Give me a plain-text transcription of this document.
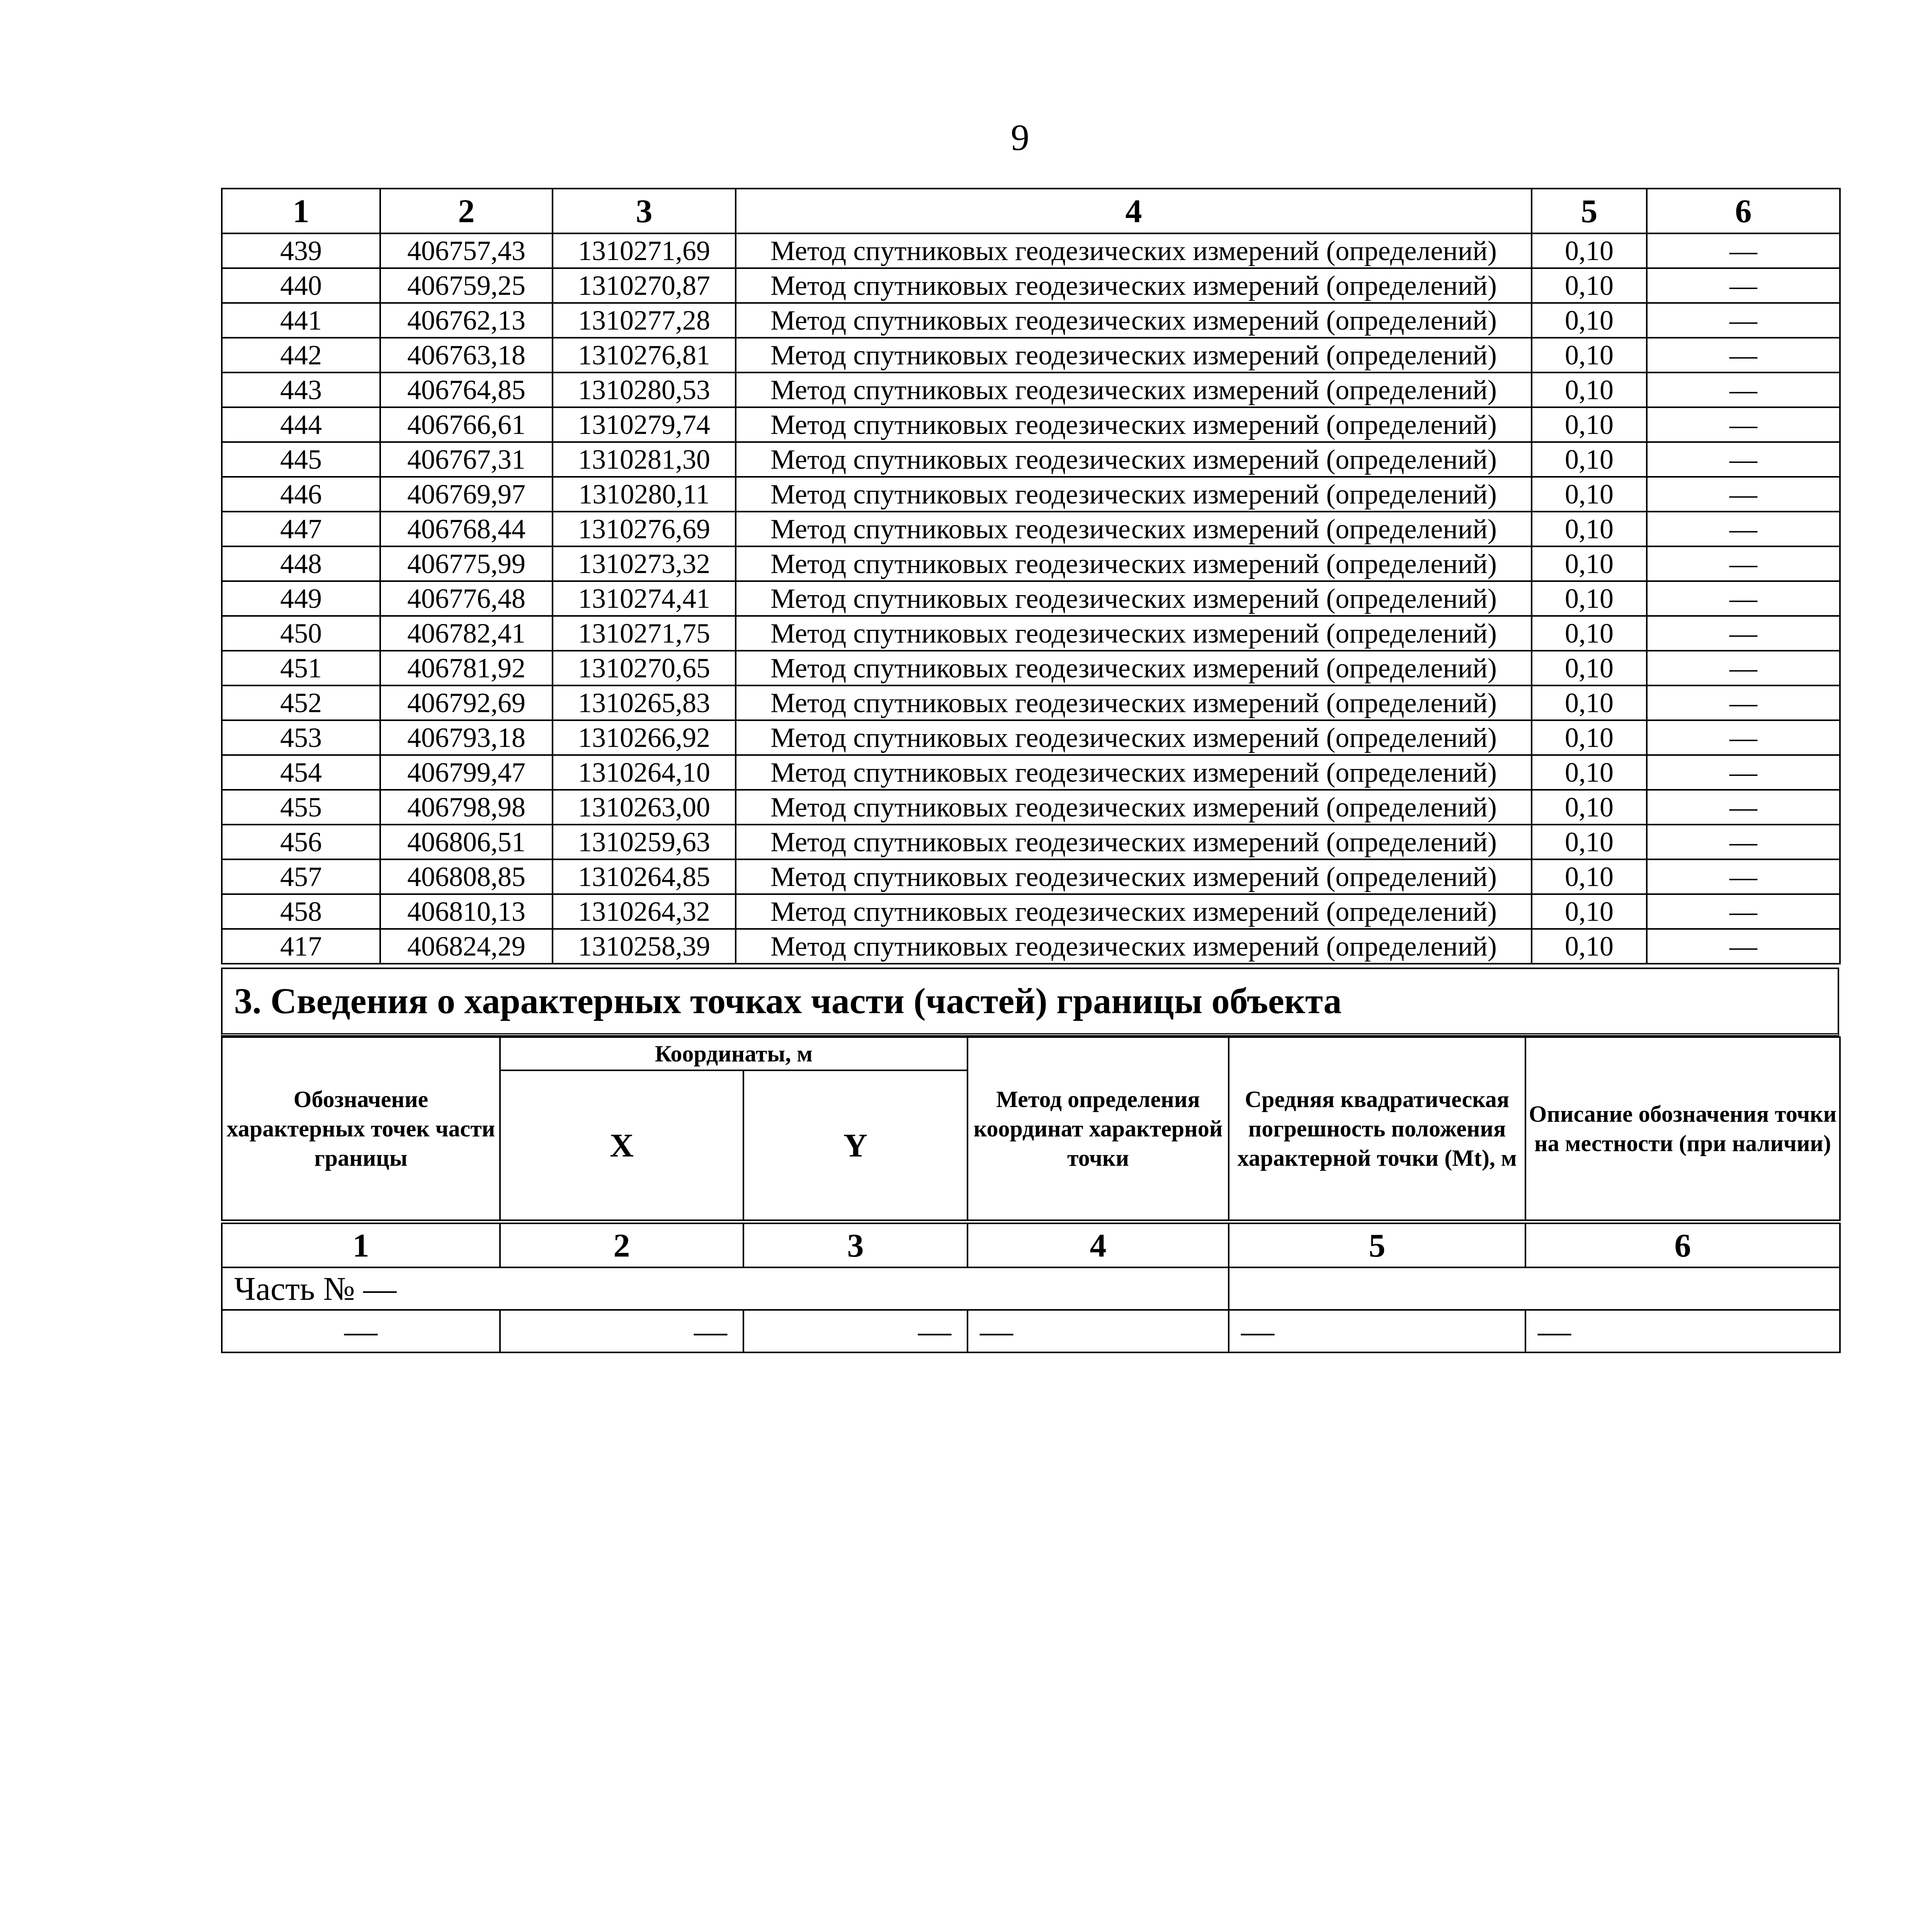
9
1	2	3	4	5	6
439	406757,43	1310271,69	Метод спутниковых геодезических измерений (определений)	0,10	—
440	406759,25	1310270,87	Метод спутниковых геодезических измерений (определений)	0,10	—
441	406762,13	1310277,28	Метод спутниковых геодезических измерений (определений)	0,10	—
442	406763,18	1310276,81	Метод спутниковых геодезических измерений (определений)	0,10	—
443	406764,85	1310280,53	Метод спутниковых геодезических измерений (определений)	0,10	—
444	406766,61	1310279,74	Метод спутниковых геодезических измерений (определений)	0,10	—
445	406767,31	1310281,30	Метод спутниковых геодезических измерений (определений)	0,10	—
446	406769,97	1310280,11	Метод спутниковых геодезических измерений (определений)	0,10	—
447	406768,44	1310276,69	Метод спутниковых геодезических измерений (определений)	0,10	—
448	406775,99	1310273,32	Метод спутниковых геодезических измерений (определений)	0,10	—
449	406776,48	1310274,41	Метод спутниковых геодезических измерений (определений)	0,10	—
450	406782,41	1310271,75	Метод спутниковых геодезических измерений (определений)	0,10	—
451	406781,92	1310270,65	Метод спутниковых геодезических измерений (определений)	0,10	—
452	406792,69	1310265,83	Метод спутниковых геодезических измерений (определений)	0,10	—
453	406793,18	1310266,92	Метод спутниковых геодезических измерений (определений)	0,10	—
454	406799,47	1310264,10	Метод спутниковых геодезических измерений (определений)	0,10	—
455	406798,98	1310263,00	Метод спутниковых геодезических измерений (определений)	0,10	—
456	406806,51	1310259,63	Метод спутниковых геодезических измерений (определений)	0,10	—
457	406808,85	1310264,85	Метод спутниковых геодезических измерений (определений)	0,10	—
458	406810,13	1310264,32	Метод спутниковых геодезических измерений (определений)	0,10	—
417	406824,29	1310258,39	Метод спутниковых геодезических измерений (определений)	0,10	—
3. Сведения о характерных точках части (частей) границы объекта
Обозначение характерных точек части границы	Координаты, м		Метод определения координат характерной точки	Средняя квадратическая погрешность положения характерной точки (Mt), м	Описание обозначения точки на местности (при наличии)
	X	Y			
1	2	3	4	5	6
Часть № —					
—	—	—	—	—	—
